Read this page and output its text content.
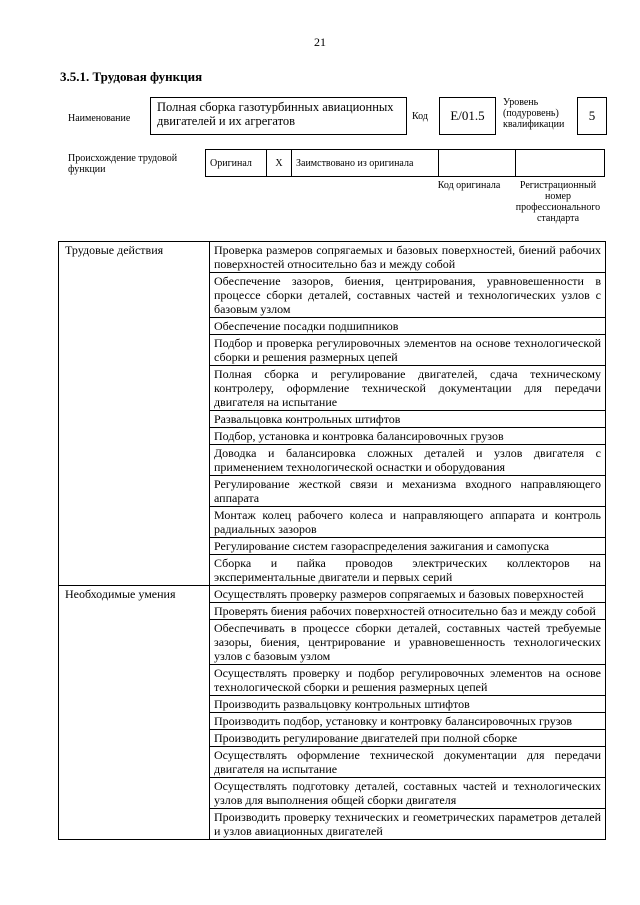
21
3.5.1. Трудовая функция
Наименование
Полная сборка газотурбинных авиационных двигателей и их агрегатов	Код	E/01.5
Уровень (подуровень) квалификации
5
Происхождение трудовой функции
Оригинал	X	Заимствовано из оригинала		
Код оригинала	Регистрационный номер профессионального стандарта
Трудовые действия	Проверка размеров сопрягаемых и базовых поверхностей, биений рабочих поверхностей относительно баз и между собой
	Обеспечение зазоров, биения, центрирования, уравновешенности в процессе сборки деталей, составных частей и технологических узлов с базовым узлом
	Обеспечение посадки подшипников
	Подбор и проверка регулировочных элементов на основе технологической сборки и решения размерных цепей
	Полная сборка и регулирование двигателей, сдача техническому контролеру, оформление технической документации для передачи двигателя на испытание
	Развальцовка контрольных штифтов
	Подбор, установка и контровка балансировочных грузов
	Доводка и балансировка сложных деталей и узлов двигателя с применением технологической оснастки и оборудования
	Регулирование жесткой связи и механизма входного направляющего аппарата
	Монтаж колец рабочего колеса и направляющего аппарата и контроль радиальных зазоров
	Регулирование систем газораспределения зажигания и самопуска
	Сборка и пайка проводов электрических коллекторов на экспериментальные двигатели и первых серий
Необходимые умения	Осуществлять проверку размеров сопрягаемых и базовых поверхностей
	Проверять биения рабочих поверхностей относительно баз и между собой
	Обеспечивать в процессе сборки деталей, составных частей требуемые зазоры, биения, центрирование и уравновешенность технологических узлов с базовым узлом
	Осуществлять проверку и подбор регулировочных элементов на основе технологической сборки и решения размерных цепей
	Производить развальцовку контрольных штифтов
	Производить подбор, установку и контровку балансировочных грузов
	Производить регулирование двигателей при полной сборке
	Осуществлять оформление технической документации для передачи двигателя на испытание
	Осуществлять подготовку деталей, составных частей и технологических узлов для выполнения общей сборки двигателя
	Производить проверку технических и геометрических параметров деталей и узлов авиационных двигателей
